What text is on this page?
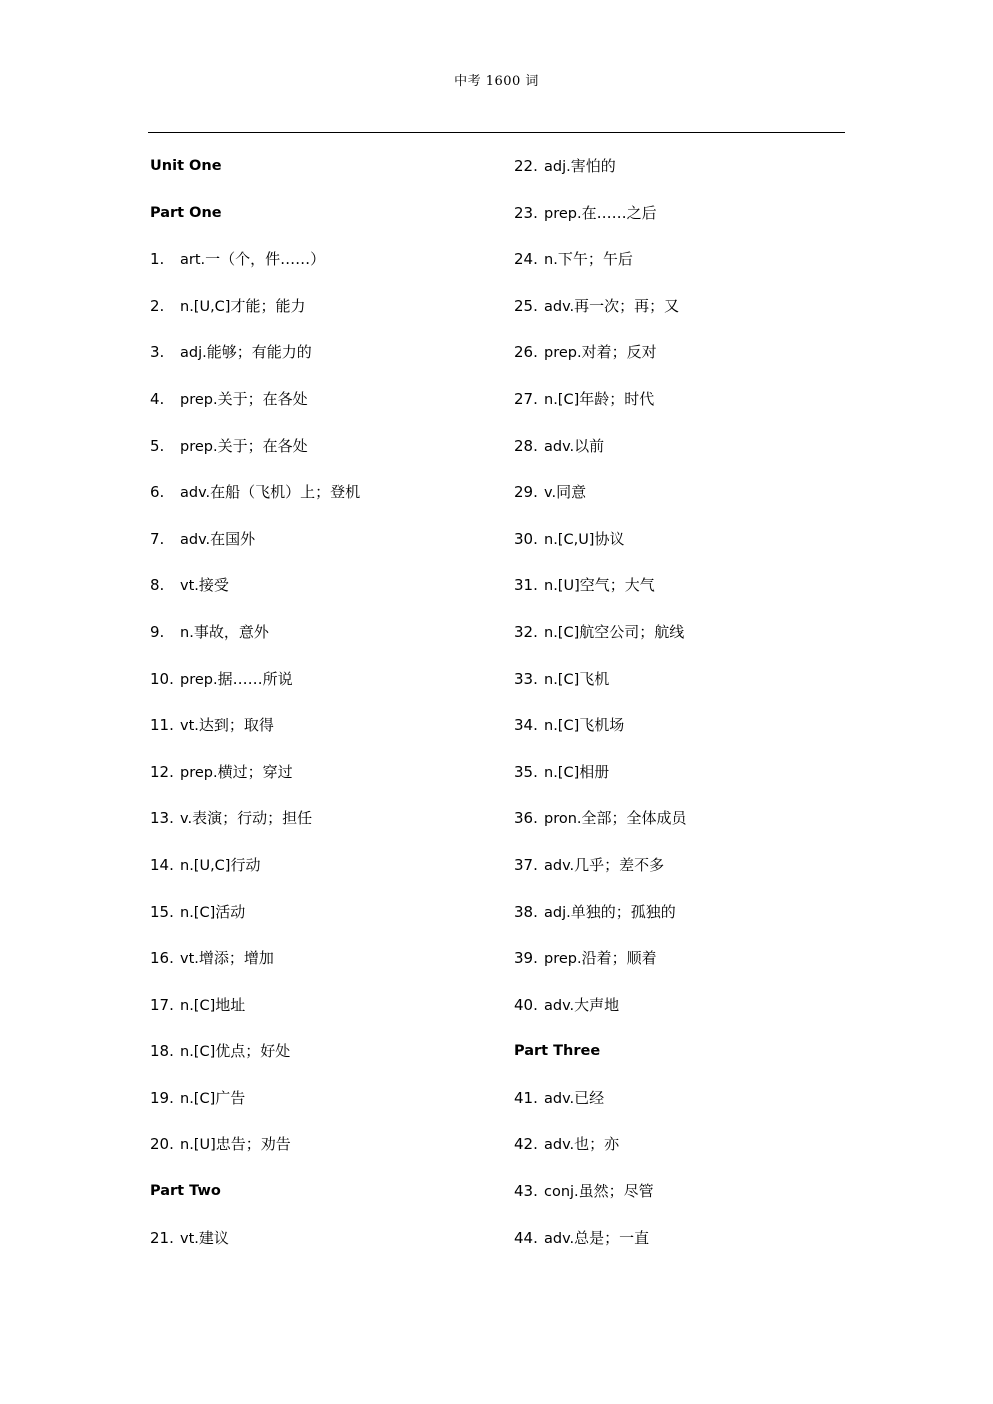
中考 1600 词
Unit One
Part One
1. art.一（个，件……）
2. n.[U,C]才能；能力
3. adj.能够；有能力的
4. prep.关于；在各处
5. prep.关于；在各处
6. adv.在船（飞机）上；登机
7. adv.在国外
8. vt.接受
9. n.事故，意外
10. prep.据……所说
11. vt.达到；取得
12. prep.横过；穿过
13. v.表演；行动；担任
14. n.[U,C]行动
15. n.[C]活动
16. vt.增添；增加
17. n.[C]地址
18. n.[C]优点；好处
19. n.[C]广告
20. n.[U]忠告；劝告
Part Two
21. vt.建议
22. adj.害怕的
23. prep.在……之后
24. n.下午；午后
25. adv.再一次；再；又
26. prep.对着；反对
27. n.[C]年龄；时代
28. adv.以前
29. v.同意
30. n.[C,U]协议
31. n.[U]空气；大气
32. n.[C]航空公司；航线
33. n.[C]飞机
34. n.[C]飞机场
35. n.[C]相册
36. pron.全部；全体成员
37. adv.几乎；差不多
38. adj.单独的；孤独的
39. prep.沿着；顺着
40. adv.大声地
Part Three
41. adv.已经
42. adv.也；亦
43. conj.虽然；尽管
44. adv.总是；一直
